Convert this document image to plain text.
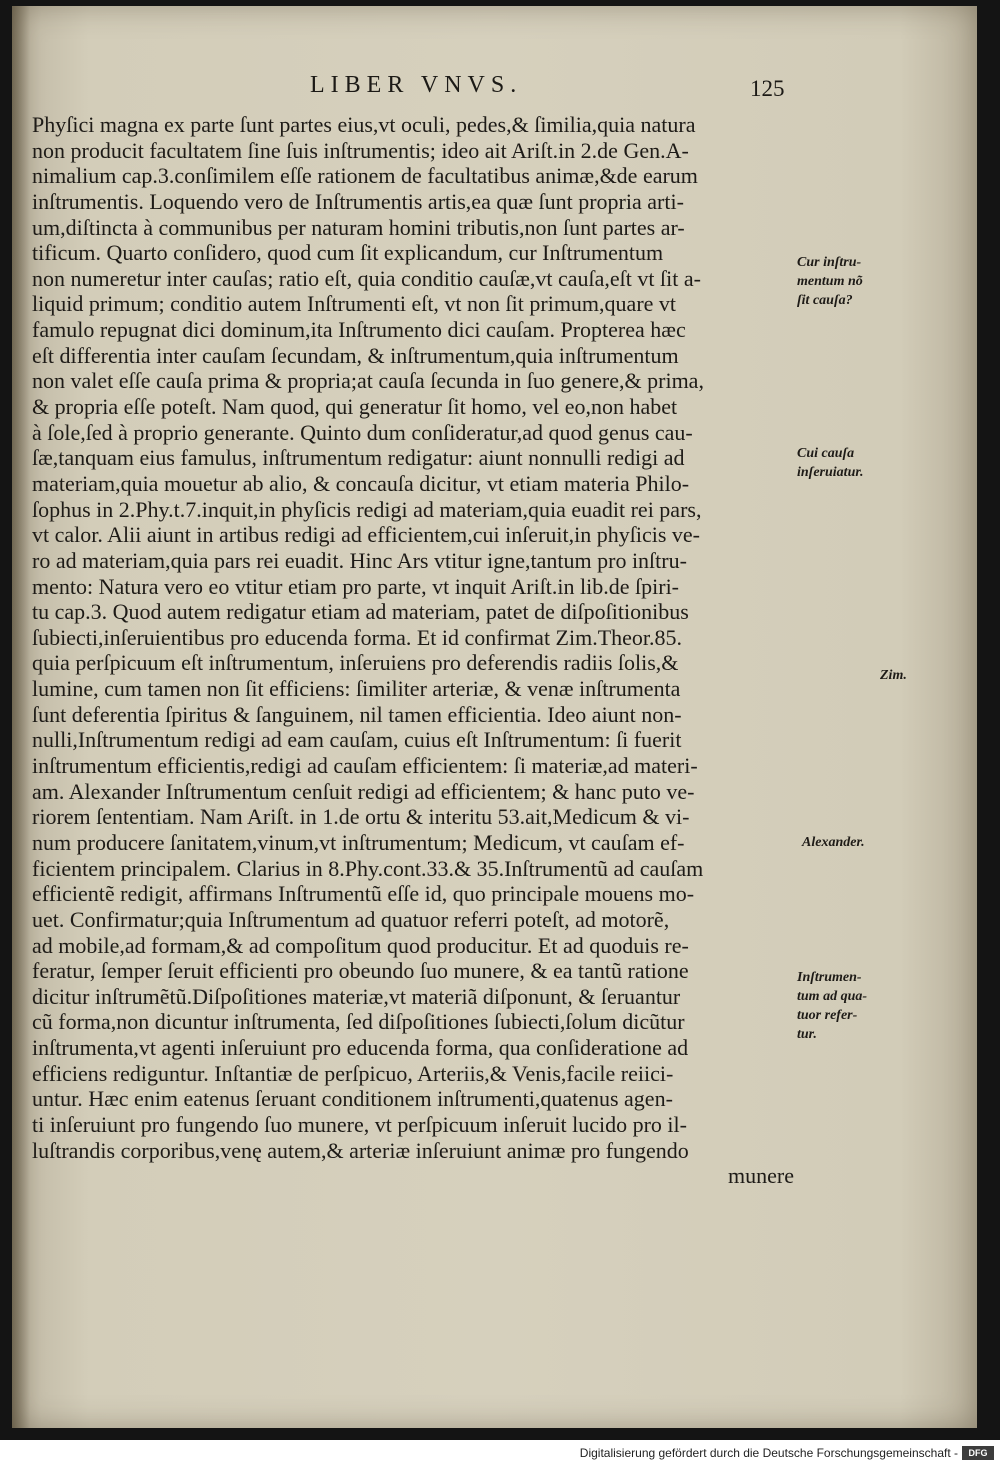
LIBER VNVS.	125
Phyſici magna ex parte ſunt partes eius,vt oculi, pedes,& ſimilia,quia natura
non producit facultatem ſine ſuis inſtrumentis; ideo ait Ariſt.in 2.de Gen.A-
nimalium cap.3.conſimilem eſſe rationem de facultatibus animæ,&de earum
inſtrumentis. Loquendo vero de Inſtrumentis artis,ea quæ ſunt propria arti-
um,diſtincta à communibus per naturam homini tributis,non ſunt partes ar-
tificum. Quarto conſidero, quod cum ſit explicandum, cur Inſtrumentum
non numeretur inter cauſas; ratio eſt, quia conditio cauſæ,vt cauſa,eſt vt ſit a-
liquid primum; conditio autem Inſtrumenti eſt, vt non ſit primum,quare vt
famulo repugnat dici dominum,ita Inſtrumento dici cauſam. Propterea hæc
eſt differentia inter cauſam ſecundam, & inſtrumentum,quia inſtrumentum
non valet eſſe cauſa prima & propria;at cauſa ſecunda in ſuo genere,& prima,
& propria eſſe poteſt. Nam quod, qui generatur ſit homo, vel eo,non habet
à ſole,ſed à proprio generante. Quinto dum conſideratur,ad quod genus cau-
ſæ,tanquam eius famulus, inſtrumentum redigatur: aiunt nonnulli redigi ad
materiam,quia mouetur ab alio, & concauſa dicitur, vt etiam materia Philo-
ſophus in 2.Phy.t.7.inquit,in phyſicis redigi ad materiam,quia euadit rei pars,
vt calor. Alii aiunt in artibus redigi ad efficientem,cui inſeruit,in phyſicis ve-
ro ad materiam,quia pars rei euadit. Hinc Ars vtitur igne,tantum pro inſtru-
mento: Natura vero eo vtitur etiam pro parte, vt inquit Ariſt.in lib.de ſpiri-
tu cap.3. Quod autem redigatur etiam ad materiam, patet de diſpoſitionibus
ſubiecti,inſeruientibus pro educenda forma. Et id confirmat Zim.Theor.85.
quia perſpicuum eſt inſtrumentum, inſeruiens pro deferendis radiis ſolis,&
lumine, cum tamen non ſit efficiens: ſimiliter arteriæ, & venæ inſtrumenta
ſunt deferentia ſpiritus & ſanguinem, nil tamen efficientia. Ideo aiunt non-
nulli,Inſtrumentum redigi ad eam cauſam, cuius eſt Inſtrumentum: ſi fuerit
inſtrumentum efficientis,redigi ad cauſam efficientem: ſi materiæ,ad materi-
am. Alexander Inſtrumentum cenſuit redigi ad efficientem; & hanc puto ve-
riorem ſententiam. Nam Ariſt. in 1.de ortu & interitu 53.ait,Medicum & vi-
num producere ſanitatem,vinum,vt inſtrumentum; Medicum, vt cauſam ef-
ficientem principalem. Clarius in 8.Phy.cont.33.& 35.Inſtrumentũ ad cauſam
efficientẽ redigit, affirmans Inſtrumentũ eſſe id, quo principale mouens mo-
uet. Confirmatur;quia Inſtrumentum ad quatuor referri poteſt, ad motorẽ,
ad mobile,ad formam,& ad compoſitum quod producitur. Et ad quoduis re-
feratur, ſemper ſeruit efficienti pro obeundo ſuo munere, & ea tantũ ratione
dicitur inſtrumẽtũ.Diſpoſitiones materiæ,vt materiã diſponunt, & ſeruantur
cũ forma,non dicuntur inſtrumenta, ſed diſpoſitiones ſubiecti,ſolum dicũtur
inſtrumenta,vt agenti inſeruiunt pro educenda forma, qua conſideratione ad
efficiens rediguntur. Inſtantiæ de perſpicuo, Arteriis,& Venis,facile reiici-
untur. Hæc enim eatenus ſeruant conditionem inſtrumenti,quatenus agen-
ti inſeruiunt pro fungendo ſuo munere, vt perſpicuum inſeruit lucido pro il-
luſtrandis corporibus,venę autem,& arteriæ inſeruiunt animæ pro fungendo
munere
Cur inſtru-
mentum nõ
ſit cauſa?
Cui cauſa
inſeruiatur.
Zim.
Alexander.
Inſtrumen-
tum ad qua-
tuor refer-
tur.
Digitalisierung gefördert durch die Deutsche Forschungsgemeinschaft -	DFG
